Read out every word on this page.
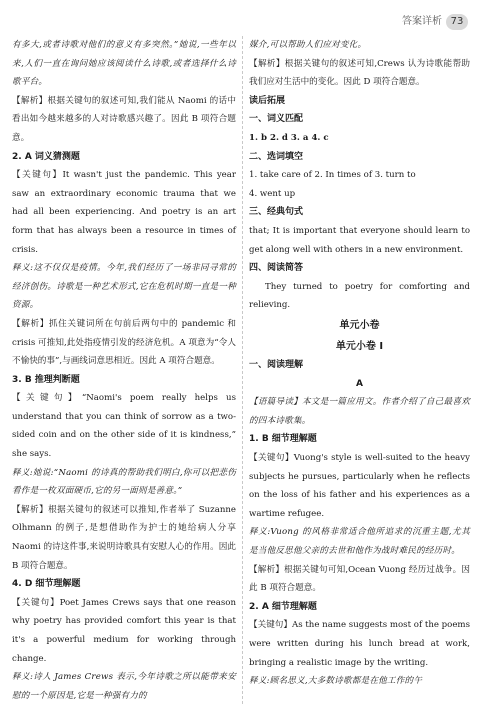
答案详析 73

有多大,或者诗歌对他们的意义有多突然。”她说,一些年以来,人们一直在询问她应该阅读什么诗歌,或者选择什么诗歌平台。

【解析】根据关键句的叙述可知,我们能从 Naomi 的话中看出如今越来越多的人对诗歌感兴趣了。因此 B 项符合题意。

2. A 词义猜测题

【关键句】It wasn't just the pandemic. This year saw an extraordinary economic trauma that we had all been experiencing. And poetry is an art form that has always been a resource in times of crisis.

释义:这不仅仅是疫情。今年,我们经历了一场非同寻常的经济创伤。诗歌是一种艺术形式,它在危机时期一直是一种资源。

【解析】抓住关键词所在句前后两句中的 pandemic 和 crisis 可推知,此处指疫情引发的经济危机。A 项意为“令人不愉快的事”,与画线词意思相近。因此 A 项符合题意。

3. B 推理判断题

【关键句】“Naomi's poem really helps us understand that you can think of sorrow as a two-sided coin and on the other side of it is kindness,” she says.

释义:她说:“Naomi 的诗真的帮助我们明白,你可以把悲伤看作是一枚双面硬币,它的另一面则是善意。”

【解析】根据关键句的叙述可以推知,作者举了 Suzanne Olhmann 的例子,是想借助作为护士的她给病人分享 Naomi 的诗这件事,来说明诗歌具有安慰人心的作用。因此 B 项符合题意。

4. D 细节理解题

【关键句】Poet James Crews says that one reason why poetry has provided comfort this year is that it's a powerful medium for working through change.

释义:诗人 James Crews 表示,今年诗歌之所以能带来安慰的一个原因是,它是一种强有力的

媒介,可以帮助人们应对变化。

【解析】根据关键句的叙述可知,Crews 认为诗歌能帮助我们应对生活中的变化。因此 D 项符合题意。

读后拓展

一、词义匹配

1. b 2. d 3. a 4. c

二、选词填空

1. take care of 2. In times of 3. turn to

4. went up

三、经典句式

that; It is important that everyone should learn to get along well with others in a new environment.

四、阅读简答

They turned to poetry for comforting and relieving.

单元小卷

单元小卷 I

一、阅读理解

A

【语篇导读】本文是一篇应用文。作者介绍了自己最喜欢的四本诗歌集。

1. B 细节理解题

【关键句】Vuong's style is well-suited to the heavy subjects he pursues, particularly when he reflects on the loss of his father and his experiences as a wartime refugee.

释义:Vuong 的风格非常适合他所追求的沉重主题,尤其是当他反思他父亲的去世和他作为战时难民的经历时。

【解析】根据关键句可知,Ocean Vuong 经历过战争。因此 B 项符合题意。

2. A 细节理解题

【关键句】As the name suggests most of the poems were written during his lunch bread at work, bringing a realistic image by the writing.

释义:顾名思义,大多数诗歌都是在他工作的午
